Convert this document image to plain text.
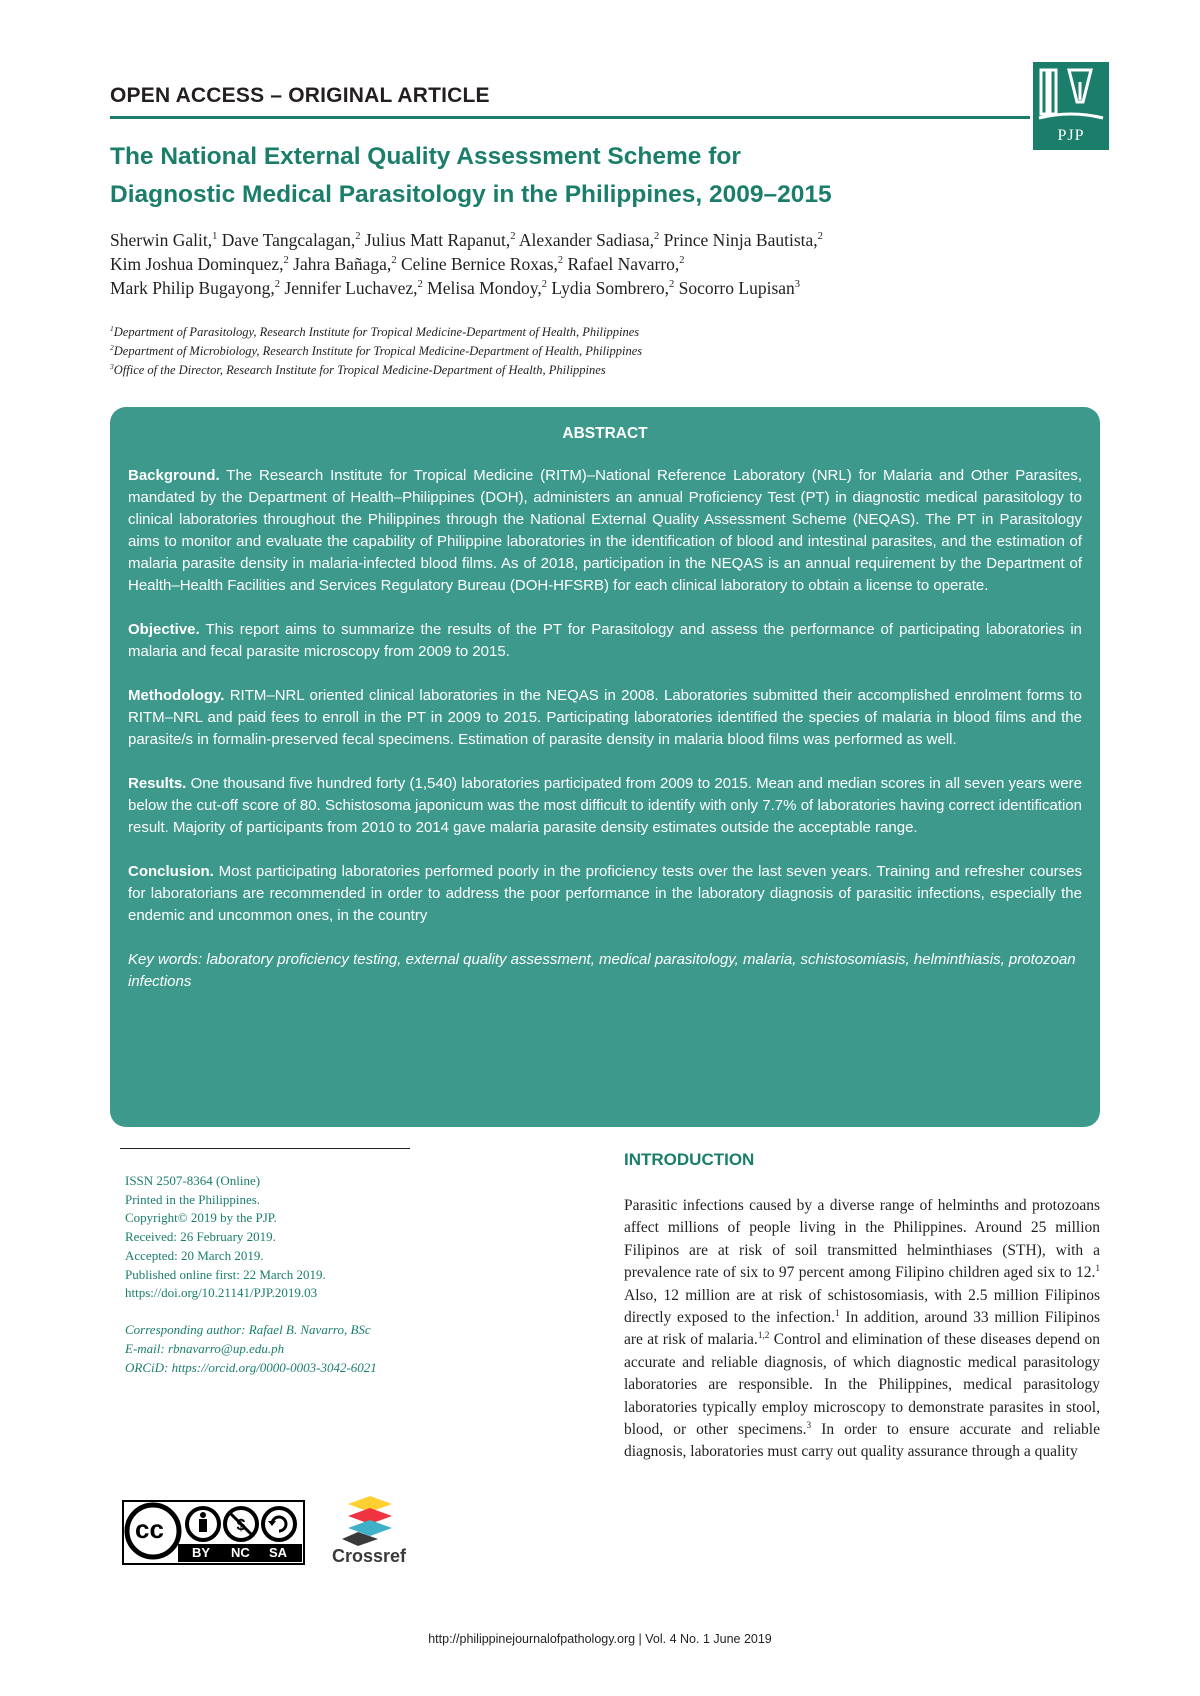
OPEN ACCESS – ORIGINAL ARTICLE
PJP
The National External Quality Assessment Scheme for
Diagnostic Medical Parasitology in the Philippines, 2009–2015
Sherwin Galit,$^1$ Dave Tangcalagan,$^2$ Julius Matt Rapanut,$^2$ Alexander Sadiasa,$^2$ Prince Ninja Bautista,$^2$
Kim Joshua Dominquez,$^2$ Jahra Bañaga,$^2$ Celine Bernice Roxas,$^2$ Rafael Navarro,$^2$
Mark Philip Bugayong,$^2$ Jennifer Luchavez,$^2$ Melisa Mondoy,$^2$ Lydia Sombrero,$^2$ Socorro Lupisan$^3$
$^1$Department of Parasitology, Research Institute for Tropical Medicine-Department of Health, Philippines
$^2$Department of Microbiology, Research Institute for Tropical Medicine-Department of Health, Philippines
$^3$Office of the Director, Research Institute for Tropical Medicine-Department of Health, Philippines
ABSTRACT

Background. The Research Institute for Tropical Medicine (RITM)–National Reference Laboratory (NRL) for Malaria and Other Parasites, mandated by the Department of Health–Philippines (DOH), administers an annual Proficiency Test (PT) in diagnostic medical parasitology to clinical laboratories throughout the Philippines through the National External Quality Assessment Scheme (NEQAS). The PT in Parasitology aims to monitor and evaluate the capability of Philippine laboratories in the identification of blood and intestinal parasites, and the estimation of malaria parasite density in malaria-infected blood films. As of 2018, participation in the NEQAS is an annual requirement by the Department of Health–Health Facilities and Services Regulatory Bureau (DOH-HFSRB) for each clinical laboratory to obtain a license to operate.

Objective. This report aims to summarize the results of the PT for Parasitology and assess the performance of participating laboratories in malaria and fecal parasite microscopy from 2009 to 2015.

Methodology. RITM–NRL oriented clinical laboratories in the NEQAS in 2008. Laboratories submitted their accomplished enrolment forms to RITM–NRL and paid fees to enroll in the PT in 2009 to 2015. Participating laboratories identified the species of malaria in blood films and the parasite/s in formalin-preserved fecal specimens. Estimation of parasite density in malaria blood films was performed as well.

Results. One thousand five hundred forty (1,540) laboratories participated from 2009 to 2015. Mean and median scores in all seven years were below the cut-off score of 80. Schistosoma japonicum was the most difficult to identify with only 7.7% of laboratories having correct identification result. Majority of participants from 2010 to 2014 gave malaria parasite density estimates outside the acceptable range.

Conclusion. Most participating laboratories performed poorly in the proficiency tests over the last seven years. Training and refresher courses for laboratorians are recommended in order to address the poor performance in the laboratory diagnosis of parasitic infections, especially the endemic and uncommon ones, in the country

Key words: laboratory proficiency testing, external quality assessment, medical parasitology, malaria, schistosomiasis, helminthiasis, protozoan infections

ISSN 2507-8364 (Online)
Printed in the Philippines.
Copyright© 2019 by the PJP.
Received: 26 February 2019.
Accepted: 20 March 2019.
Published online first: 22 March 2019.
https://doi.org/10.21141/PJP.2019.03
Corresponding author: Rafael B. Navarro, BSc
E-mail: rbnavarro@up.edu.ph
ORCiD: https://orcid.org/0000-0003-3042-6021
$
cc
BY NC SA	Crossref
INTRODUCTION

Parasitic infections caused by a diverse range of helminths and protozoans affect millions of people living in the Philippines. Around 25 million Filipinos are at risk of soil transmitted helminthiases (STH), with a prevalence rate of six to 97 percent among Filipino children aged six to 12.$^1$ Also, 12 million are at risk of schistosomiasis, with 2.5 million Filipinos directly exposed to the infection.$^1$ In addition, around 33 million Filipinos are at risk of malaria.$^{1,2}$ Control and elimination of these diseases depend on accurate and reliable diagnosis, of which diagnostic medical parasitology laboratories are responsible. In the Philippines, medical parasitology laboratories typically employ microscopy to demonstrate parasites in stool, blood, or other specimens.$^3$ In order to ensure accurate and reliable diagnosis, laboratories must carry out quality assurance through a quality

http://philippinejournalofpathology.org | Vol. 4 No. 1 June 2019
